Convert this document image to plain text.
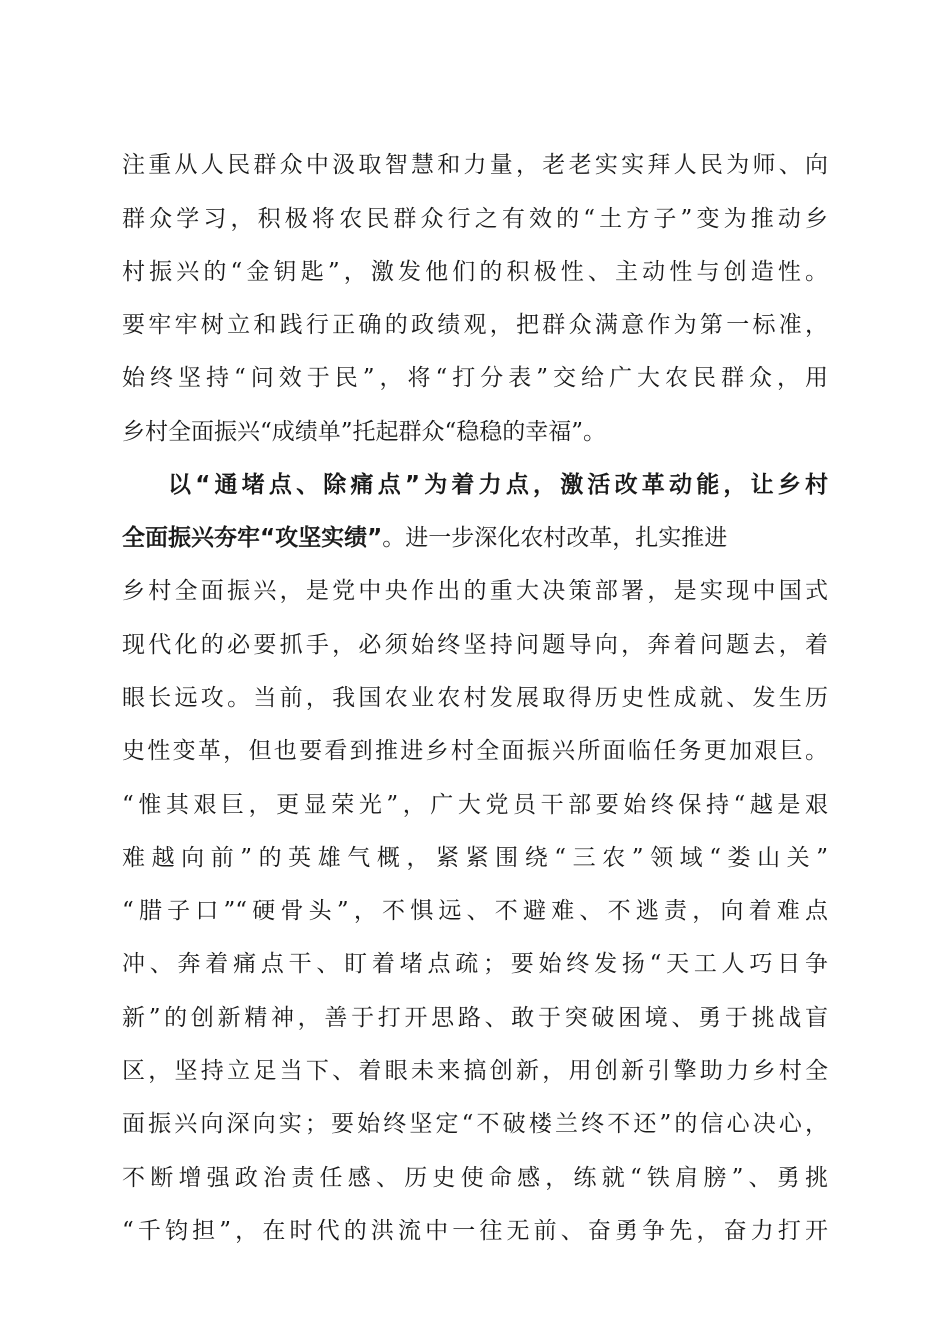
注重从人民群众中汲取智慧和力量，老老实实拜人民为师、向
群众学习，积极将农民群众行之有效的“土方子”变为推动乡
村振兴的“金钥匙”，激发他们的积极性、主动性与创造性。
要牢牢树立和践行正确的政绩观，把群众满意作为第一标准，
始终坚持“问效于民”，将“打分表”交给广大农民群众，用
乡村全面振兴“成绩单”托起群众“稳稳的幸福”。
以“通堵点、除痛点”为着力点，激活改革动能，让乡村
全面振兴夯牢“攻坚实绩”。进一步深化农村改革，扎实推进
乡村全面振兴，是党中央作出的重大决策部署，是实现中国式
现代化的必要抓手，必须始终坚持问题导向，奔着问题去，着
眼长远攻。当前，我国农业农村发展取得历史性成就、发生历
史性变革，但也要看到推进乡村全面振兴所面临任务更加艰巨。
“惟其艰巨，更显荣光”，广大党员干部要始终保持“越是艰
难越向前”的英雄气概，紧紧围绕“三农”领域“娄山关”
“腊子口”“硬骨头”，不惧远、不避难、不逃责，向着难点
冲、奔着痛点干、盯着堵点疏；要始终发扬“天工人巧日争
新”的创新精神，善于打开思路、敢于突破困境、勇于挑战盲
区，坚持立足当下、着眼未来搞创新，用创新引擎助力乡村全
面振兴向深向实；要始终坚定“不破楼兰终不还”的信心决心，
不断增强政治责任感、历史使命感，练就“铁肩膀”、勇挑
“千钧担”，在时代的洪流中一往无前、奋勇争先，奋力打开
